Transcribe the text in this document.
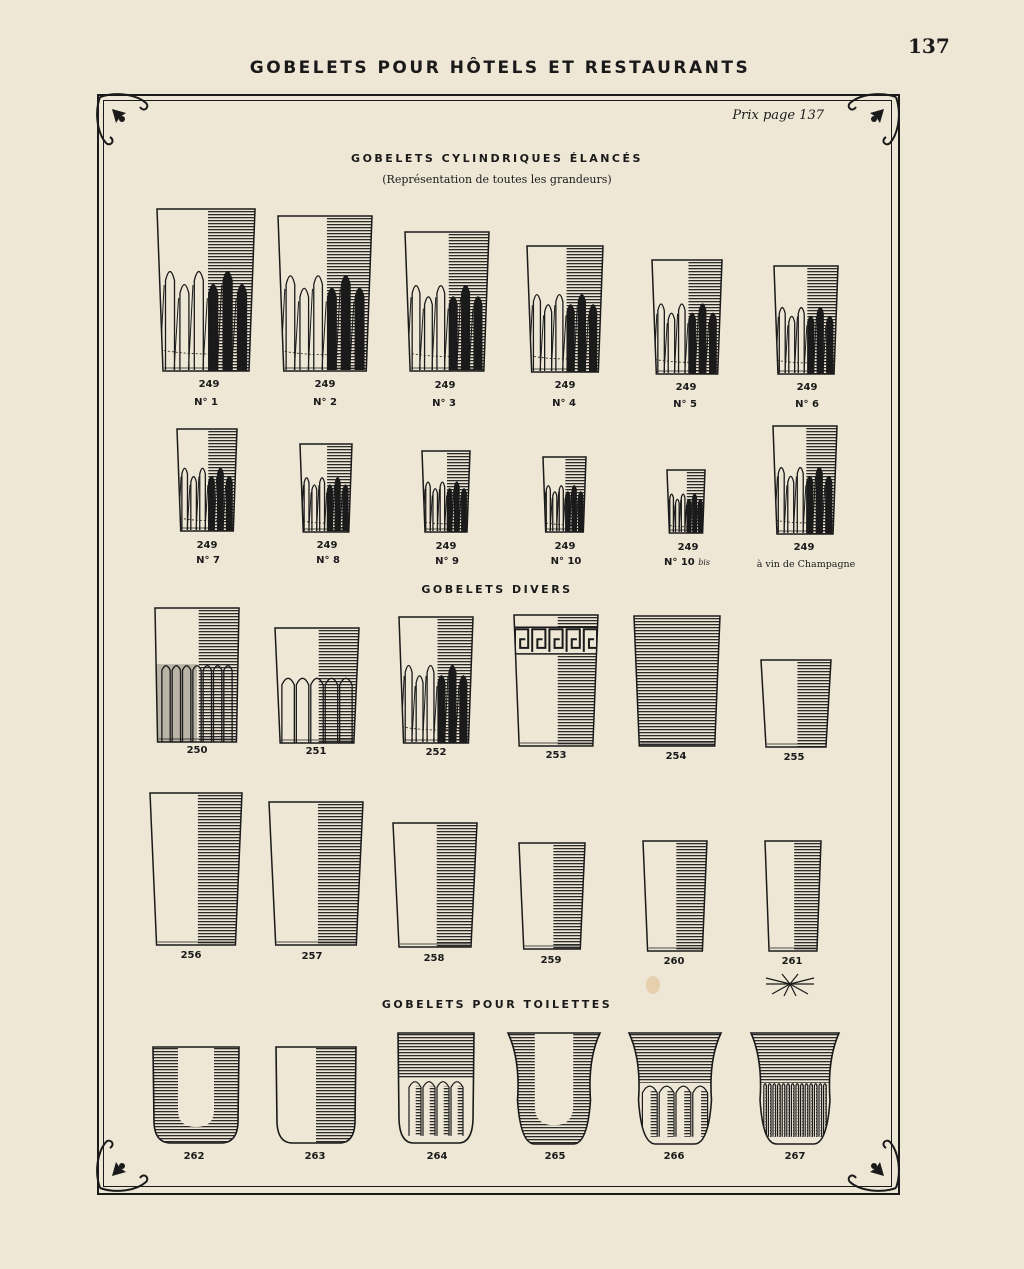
137
GOBELETS POUR HÔTELS ET RESTAURANTS
Prix page 137
GOBELETS CYLINDRIQUES ÉLANCÉS
(Représentation de toutes les grandeurs)
249
N° 1
249
N° 2
249
N° 3
249
N° 4
249
N° 5
249
N° 6
249
N° 7
249
N° 8
249
N° 9
249
N° 10
249
N° 10 bis
249
à vin de Champagne
GOBELETS DIVERS
250	251	252	253	254	255
256	257	258	259	260	261
GOBELETS POUR TOILETTES
262	263	264	265	266	267
